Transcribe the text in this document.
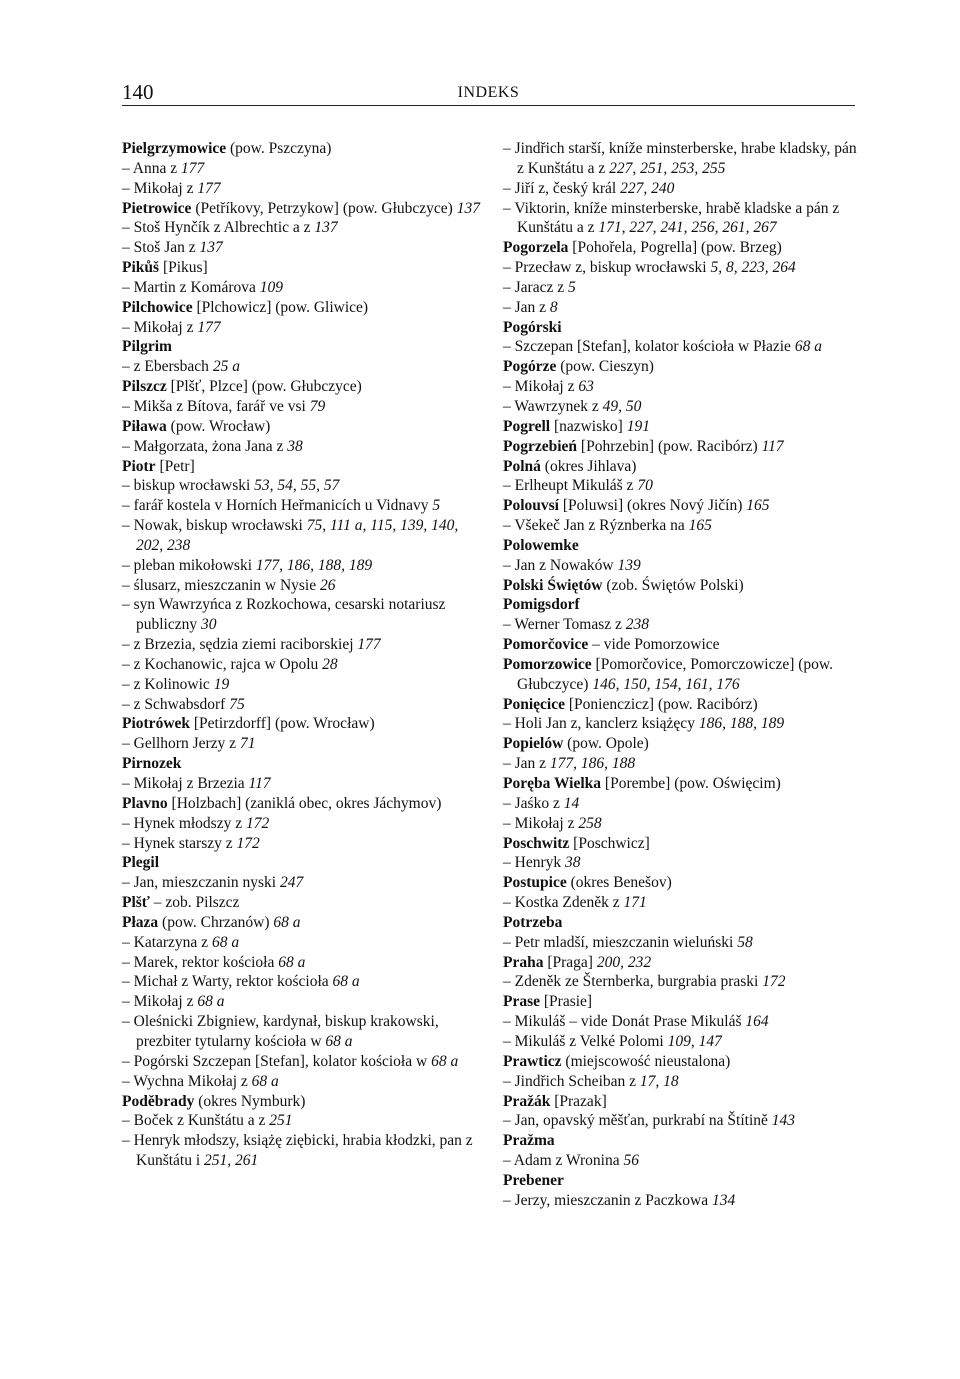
140	INDEKS
Pielgrzymowice (pow. Pszczyna)
– Anna z 177
– Mikołaj z 177
Pietrowice (Petříkovy, Petrzykow] (pow. Głubczyce) 137
– Stoš Hynčík z Albrechtic a z 137
– Stoš Jan z 137
Pikůš [Pikus]
– Martin z Komárova 109
Pilchowice [Plchowicz] (pow. Gliwice)
– Mikołaj z 177
Pilgrim
– z Ebersbach 25 a
Pilszcz [Plšť, Plzce] (pow. Głubczyce)
– Mikša z Bítova, farář ve vsi 79
Piława (pow. Wrocław)
– Małgorzata, żona Jana z 38
Piotr [Petr]
– biskup wrocławski 53, 54, 55, 57
– farář kostela v Horních Heřmanicích u Vidnavy 5
– Nowak, biskup wrocławski 75, 111 a, 115, 139, 140, 202, 238
– pleban mikołowski 177, 186, 188, 189
– ślusarz, mieszczanin w Nysie 26
– syn Wawrzyńca z Rozkochowa, cesarski notariusz publiczny 30
– z Brzezia, sędzia ziemi raciborskiej 177
– z Kochanowic, rajca w Opolu 28
– z Kolinowic 19
– z Schwabsdorf 75
Piotrówek [Petirzdorff] (pow. Wrocław)
– Gellhorn Jerzy z 71
Pirnozek
– Mikołaj z Brzezia 117
Plavno [Holzbach] (zaniklá obec, okres Jáchymov)
– Hynek młodszy z 172
– Hynek starszy z 172
Plegil
– Jan, mieszczanin nyski 247
Plšť – zob. Pilszcz
Płaza (pow. Chrzanów) 68 a
– Katarzyna z 68 a
– Marek, rektor kościoła 68 a
– Michał z Warty, rektor kościoła 68 a
– Mikołaj z 68 a
– Oleśnicki Zbigniew, kardynał, biskup krakowski, prezbiter tytularny kościoła w 68 a
– Pogórski Szczepan [Stefan], kolator kościoła w 68 a
– Wychna Mikołaj z 68 a
Poděbrady (okres Nymburk)
– Boček z Kunštátu a z 251
– Henryk młodszy, książę ziębicki, hrabia kłodzki, pan z Kunštátu i 251, 261
– Jindřich starší, kníže minsterberske, hrabe kladsky, pán z Kunštátu a z 227, 251, 253, 255
– Jiří z, český král 227, 240
– Viktorin, kníže minsterberske, hrabě kladske a pán z Kunštátu a z 171, 227, 241, 256, 261, 267
Pogorzela [Pohořela, Pogrella] (pow. Brzeg)
– Przecław z, biskup wrocławski 5, 8, 223, 264
– Jaracz z 5
– Jan z 8
Pogórski
– Szczepan [Stefan], kolator kościoła w Płazie 68 a
Pogórze (pow. Cieszyn)
– Mikołaj z 63
– Wawrzynek z 49, 50
Pogrell [nazwisko] 191
Pogrzebień [Pohrzebin] (pow. Racibórz) 117
Polná (okres Jihlava)
– Erlheupt Mikuláš z 70
Polouvsí [Poluwsi] (okres Nový Jičín) 165
– Všekeč Jan z Rýznberka na 165
Polowemke
– Jan z Nowaków 139
Polski Świętów (zob. Świętów Polski)
Pomigsdorf
– Werner Tomasz z 238
Pomorčovice – vide Pomorzowice
Pomorzowice [Pomorčovice, Pomorczowicze] (pow. Głubczyce) 146, 150, 154, 161, 176
Ponięcice [Ponienczicz] (pow. Racibórz)
– Holi Jan z, kanclerz książęcy 186, 188, 189
Popielów (pow. Opole)
– Jan z 177, 186, 188
Poręba Wielka [Porembe] (pow. Oświęcim)
– Jaśko z 14
– Mikołaj z 258
Poschwitz [Poschwicz]
– Henryk 38
Postupice (okres Benešov)
– Kostka Zdeněk z 171
Potrzeba
– Petr mladší, mieszczanin wieluński 58
Praha [Praga] 200, 232
– Zdeněk ze Šternberka, burgrabia praski 172
Prase [Prasie]
– Mikuláš – vide Donát Prase Mikuláš 164
– Mikuláš z Velké Polomi 109, 147
Prawticz (miejscowość nieustalona)
– Jindřich Scheiban z 17, 18
Pražák [Prazak]
– Jan, opavský měšťan, purkrabí na Štítině 143
Pražma
– Adam z Wronina 56
Prebener
– Jerzy, mieszczanin z Paczkowa 134
